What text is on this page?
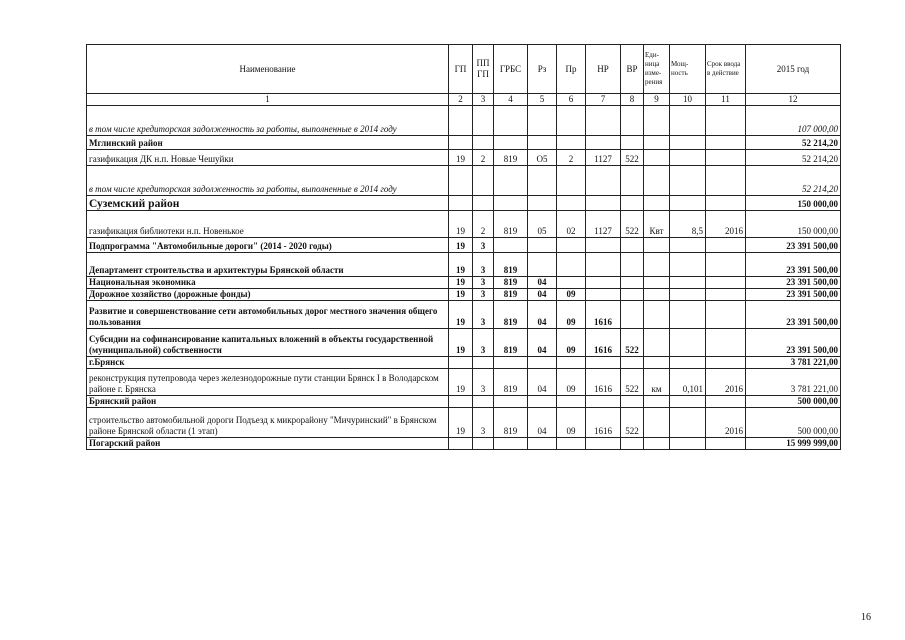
Наименование	ГП	ПП ГП	ГРБС	Рз	Пр	НР	ВР	Еди- ница изме- рения	Мощ- ность	Срок ввода в действие	2015 год
1	2	3	4	5	6	7	8	9	10	11	12
в том числе кредиторская задолженность за работы, выполненные в 2014 году											107 000,00
Мглинский район											52 214,20
газификация ДК н.п. Новые Чешуйки	19	2	819	О5	2	1127	522				52 214,20
в том числе кредиторская задолженность за работы, выполненные в 2014 году											52 214,20
Суземский район											150 000,00
газификация библиотеки н.п. Новенькое	19	2	819	05	02	1127	522	Квт	8,5	2016	150 000,00
Подпрограмма "Автомобильные дороги" (2014 - 2020 годы)	19	3									23 391 500,00
Департамент строительства и архитектуры Брянской области	19	3	819								23 391 500,00
Национальная экономика	19	3	819	04							23 391 500,00
Дорожное хозяйство (дорожные фонды)	19	3	819	04	09						23 391 500,00
Развитие и совершенствование сети автомобильных дорог местного значения общего пользования	19	3	819	04	09	1616					23 391 500,00
Субсидии на софинансирование капитальных вложений в объекты государственной (муниципальной) собственности	19	3	819	04	09	1616	522				23 391 500,00
г.Брянск											3 781 221,00
реконструкция путепровода через железнодорожные пути станции Брянск I в Володарском районе г. Брянска	19	3	819	04	09	1616	522	км	0,101	2016	3 781 221,00
Брянский район											500 000,00
строительство автомобильной дороги Подъезд к микрорайону "Мичуринский" в Брянском районе Брянской области (1 этап)	19	3	819	04	09	1616	522			2016	500 000,00
Погарский район											15 999 999,00
16
